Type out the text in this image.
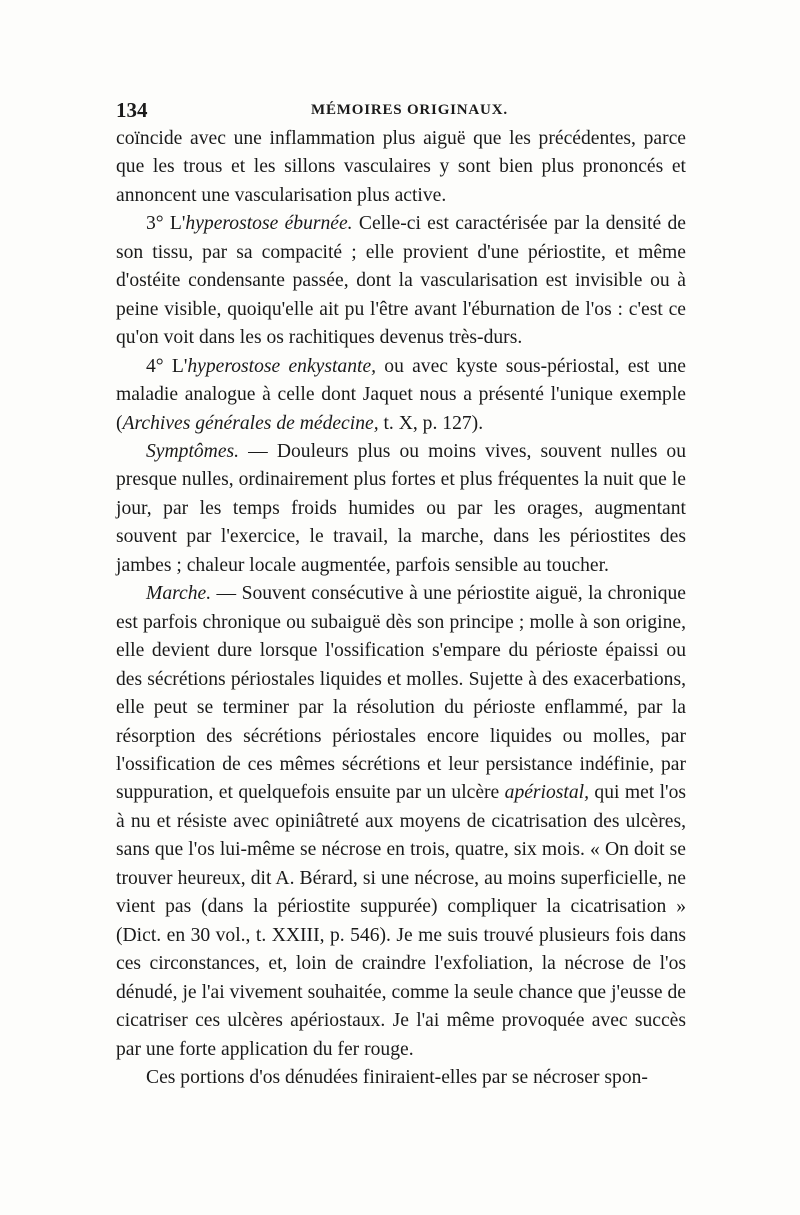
134	MÉMOIRES ORIGINAUX.

coïncide avec une inflammation plus aiguë que les précédentes, parce que les trous et les sillons vasculaires y sont bien plus prononcés et annoncent une vascularisation plus active.

3° L'hyperostose éburnée. Celle-ci est caractérisée par la densité de son tissu, par sa compacité ; elle provient d'une périostite, et même d'ostéite condensante passée, dont la vascularisation est invisible ou à peine visible, quoiqu'elle ait pu l'être avant l'éburnation de l'os : c'est ce qu'on voit dans les os rachitiques devenus très-durs.

4° L'hyperostose enkystante, ou avec kyste sous-périostal, est une maladie analogue à celle dont Jaquet nous a présenté l'unique exemple (Archives générales de médecine, t. X, p. 127).

Symptômes. — Douleurs plus ou moins vives, souvent nulles ou presque nulles, ordinairement plus fortes et plus fréquentes la nuit que le jour, par les temps froids humides ou par les orages, augmentant souvent par l'exercice, le travail, la marche, dans les périostites des jambes ; chaleur locale augmentée, parfois sensible au toucher.

Marche. — Souvent consécutive à une périostite aiguë, la chronique est parfois chronique ou subaiguë dès son principe ; molle à son origine, elle devient dure lorsque l'ossification s'empare du périoste épaissi ou des sécrétions périostales liquides et molles. Sujette à des exacerbations, elle peut se terminer par la résolution du périoste enflammé, par la résorption des sécrétions périostales encore liquides ou molles, par l'ossification de ces mêmes sécrétions et leur persistance indéfinie, par suppuration, et quelquefois ensuite par un ulcère apériostal, qui met l'os à nu et résiste avec opiniâtreté aux moyens de cicatrisation des ulcères, sans que l'os lui-même se nécrose en trois, quatre, six mois. « On doit se trouver heureux, dit A. Bérard, si une nécrose, au moins superficielle, ne vient pas (dans la périostite suppurée) compliquer la cicatrisation » (Dict. en 30 vol., t. XXIII, p. 546). Je me suis trouvé plusieurs fois dans ces circonstances, et, loin de craindre l'exfoliation, la nécrose de l'os dénudé, je l'ai vivement souhaitée, comme la seule chance que j'eusse de cicatriser ces ulcères apériostaux. Je l'ai même provoquée avec succès par une forte application du fer rouge.

Ces portions d'os dénudées finiraient-elles par se nécroser spon-
